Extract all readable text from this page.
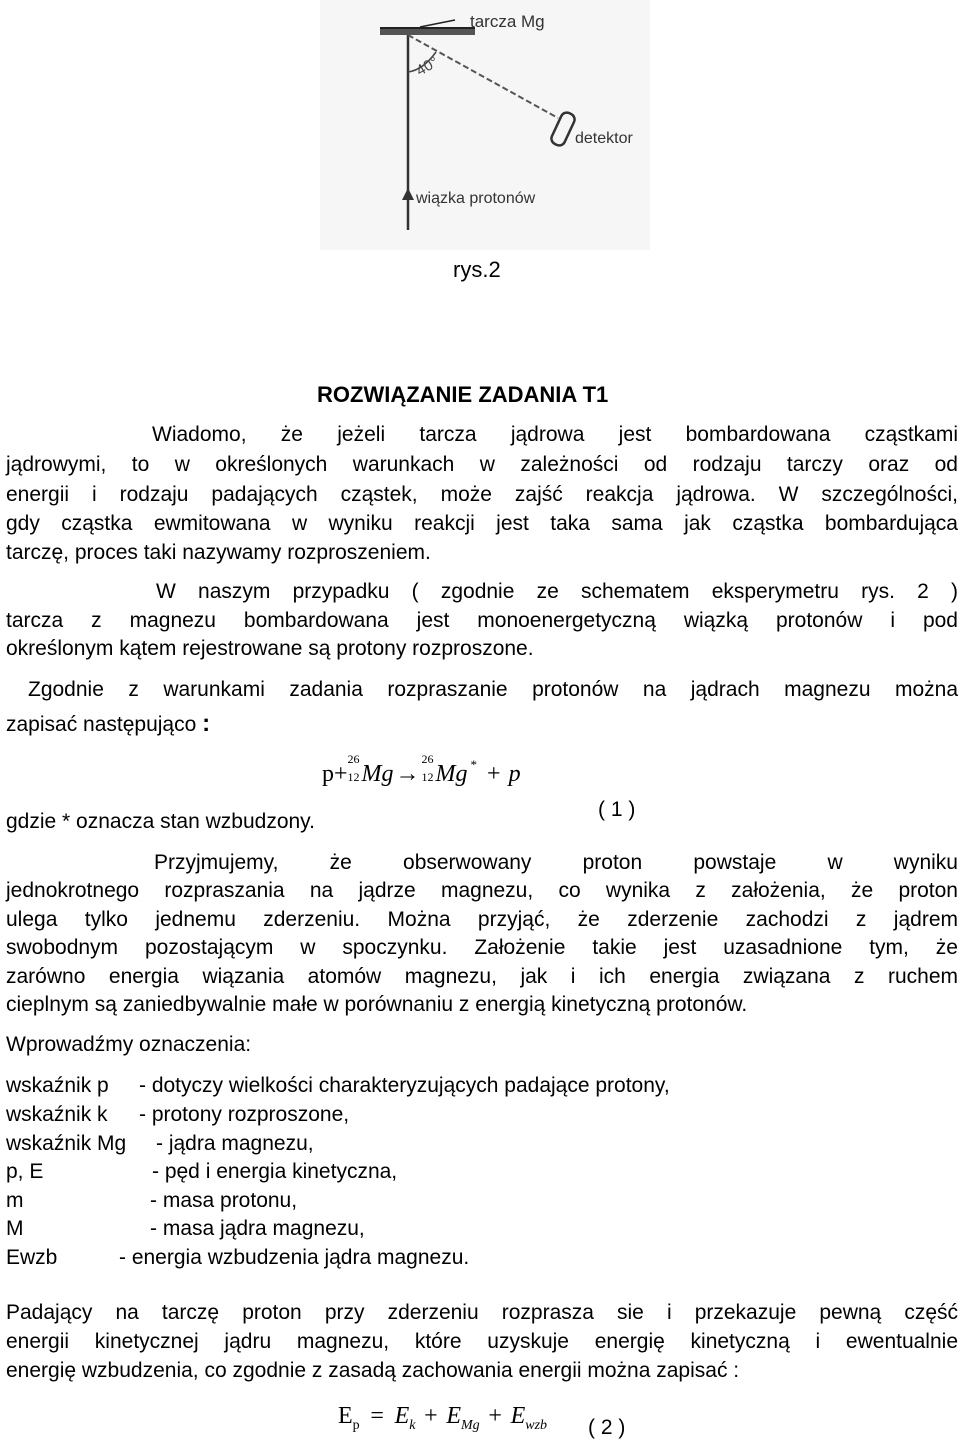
tarcza Mg
40°
detektor
wiązka protonów
rys.2
ROZWIĄZANIE ZADANIA T1
Wiadomo, że jeżeli tarcza jądrowa jest bombardowana cząstkami
jądrowymi, to w określonych warunkach w zależności od rodzaju tarczy oraz od
energii i rodzaju padających cząstek, może zajść reakcja jądrowa. W szczególności,
gdy cząstka ewmitowana w wyniku reakcji jest taka sama jak cząstka bombardująca
tarczę, proces taki nazywamy rozproszeniem.
W naszym przypadku ( zgodnie ze schematem eksperymetru rys. 2 )
tarcza z magnezu bombardowana jest monoenergetyczną wiązką protonów i pod
określonym kątem rejestrowane są protony rozproszone.
Zgodnie z warunkami zadania rozpraszanie protonów na jądrach magnezu można
zapisać następująco :
p+
26
12 Mg→
26
12 Mg * + p
( 1 )
gdzie * oznacza stan wzbudzony.
Przyjmujemy, że obserwowany proton powstaje w wyniku
jednokrotnego rozpraszania na jądrze magnezu, co wynika z założenia, że proton
ulega tylko jednemu zderzeniu. Można przyjąć, że zderzenie zachodzi z jądrem
swobodnym pozostającym w spoczynku. Założenie takie jest uzasadnione tym, że
zarówno energia wiązania atomów magnezu, jak i ich energia związana z ruchem
cieplnym są zaniedbywalnie małe w porównaniu z energią kinetyczną protonów.
Wprowadźmy oznaczenia:
wskaźnik p - dotyczy wielkości charakteryzujących padające protony,
wskaźnik k - protony rozproszone,
wskaźnik Mg - jądra magnezu,
p, E	- pęd i energia kinetyczna,
m	- masa protonu,
M	- masa jądra magnezu,
Ewzb	- energia wzbudzenia jądra magnezu.
Padający na tarczę proton przy zderzeniu rozprasza sie i przekazuje pewną część
energii kinetycznej jądru magnezu, które uzyskuje energię kinetyczną i ewentualnie
energię wzbudzenia, co zgodnie z zasadą zachowania energii można zapisać :
$E_p = E_k + E_{Mg} + E_{wzb}$ ( 2 )
